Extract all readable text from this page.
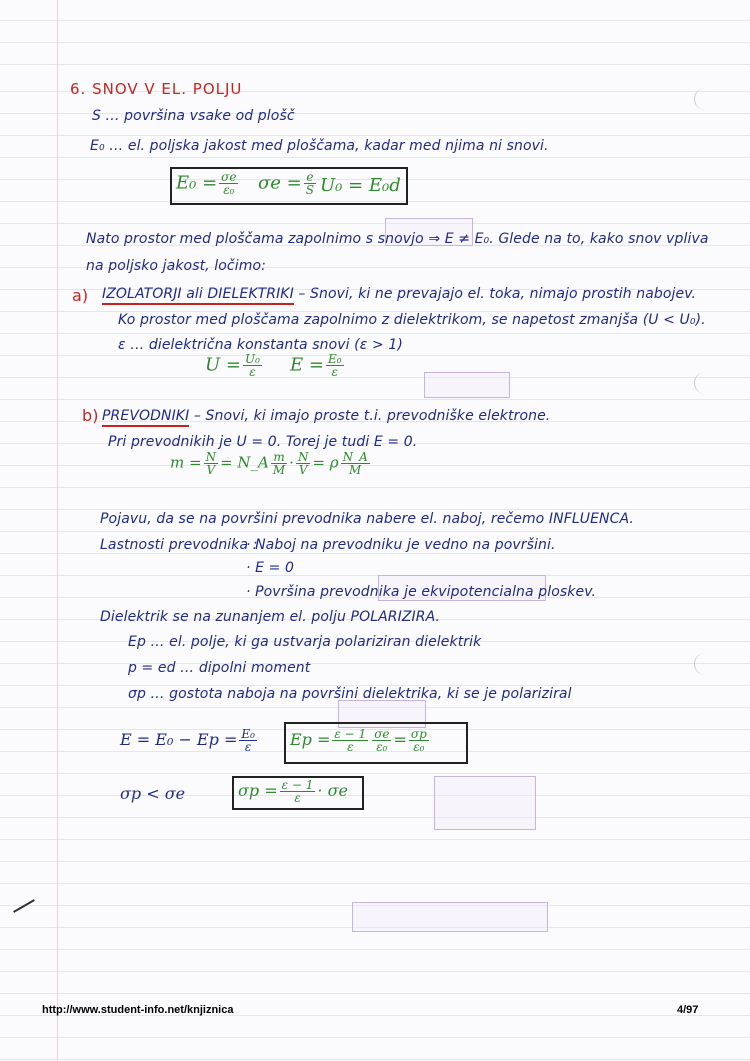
6. SNOV V EL. POLJU
S … površina vsake od plošč
E₀ … el. poljska jakost med ploščama, kadar med njima ni snovi.
$E_0 = \frac{\sigma e}{\text{ε₀}}$ $\sigma e = \frac{e}{S} U_0 = E_0d$
Nato prostor med ploščama zapolnimo s snovjo ⇒ E ≠ E₀. Glede na to, kako snov vpliva
na poljsko jakost, ločimo:
a) IZOLATORJI ali DIELEKTRIKI – Snovi, ki ne prevajajo el. toka, nimajo prostih nabojev.
Ko prostor med ploščama zapolnimo z dielektrikom, se napetost zmanjša (U < U₀).
ε … dielektrična konstanta snovi (ε > 1)
$U = \frac{\text{U₀}}{\varepsilon}$ $E = \frac{\text{E₀}}{\varepsilon}$
b) PREVODNIKI – Snovi, ki imajo proste t.i. prevodniške elektrone.
Pri prevodnikih je U = 0. Torej je tudi E = 0.
$m = \frac{N}{V}$ = N_A $\frac{m}{M} \cdot \frac{N}{V} = \rho \frac{N\_A}{M}$
Pojavu, da se na površini prevodnika nabere el. naboj, rečemo INFLUENCA.
Lastnosti prevodnika :
· Naboj na prevodniku je vedno na površini.
· E = 0
· Površina prevodnika je ekvipotencialna ploskev.
Dielektrik se na zunanjem el. polju POLARIZIRA.
Ep … el. polje, ki ga ustvarja polariziran dielektrik
p = ed … dipolni moment
σp … gostota naboja na površini dielektrika, ki se je polariziral
$E = E_0 - Ep = \frac{\text{E₀}}{\varepsilon}$ $Ep = \frac{\varepsilon - 1}{\varepsilon} \frac{\sigma e}{\text{ε₀}} = \frac{\sigma p}{\text{ε₀}}$
σp < σe	$\sigma p = \frac{\varepsilon - 1}{\varepsilon} \cdot \sigma e$
http://www.student-info.net/knjiznica	4/97
